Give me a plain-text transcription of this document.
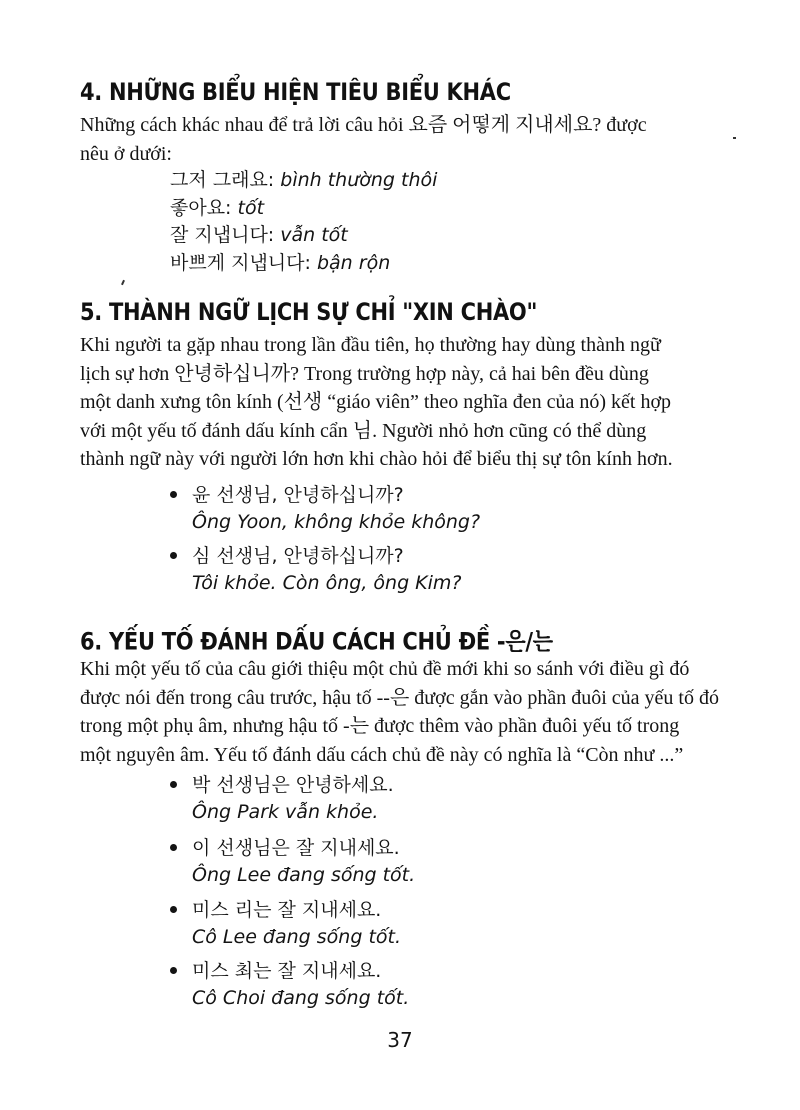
4. NHỮNG BIỂU HIỆN TIÊU BIỂU KHÁC
Những cách khác nhau để trả lời câu hỏi 요즘 어떻게 지내세요? được
nêu ở dưới:
그저 그래요: bình thường thôi
좋아요: tốt
잘 지냅니다: vẫn tốt
바쁘게 지냅니다: bận rộn
5. THÀNH NGỮ LỊCH SỰ CHỈ "XIN CHÀO"
Khi người ta gặp nhau trong lần đầu tiên, họ thường hay dùng thành ngữ
lịch sự hơn 안녕하십니까? Trong trường hợp này, cả hai bên đều dùng
một danh xưng tôn kính (선생 “giáo viên” theo nghĩa đen của nó) kết hợp
với một yếu tố đánh dấu kính cẩn 님. Người nhỏ hơn cũng có thể dùng
thành ngữ này với người lớn hơn khi chào hỏi để biểu thị sự tôn kính hơn.
윤 선생님, 안녕하십니까?
Ông Yoon, không khỏe không?
심 선생님, 안녕하십니까?
Tôi khỏe. Còn ông, ông Kim?
6. YẾU TỐ ĐÁNH DẤU CÁCH CHỦ ĐỀ -은/는
Khi một yếu tố của câu giới thiệu một chủ đề mới khi so sánh với điều gì đó
được nói đến trong câu trước, hậu tố --은 được gắn vào phần đuôi của yếu tố đó
trong một phụ âm, nhưng hậu tố -는 được thêm vào phần đuôi yếu tố trong
một nguyên âm. Yếu tố đánh dấu cách chủ đề này có nghĩa là “Còn như ...”
박 선생님은 안녕하세요.
Ông Park vẫn khỏe.
이 선생님은 잘 지내세요.
Ông Lee đang sống tốt.
미스 리는 잘 지내세요.
Cô Lee đang sống tốt.
미스 최는 잘 지내세요.
Cô Choi đang sống tốt.
37
